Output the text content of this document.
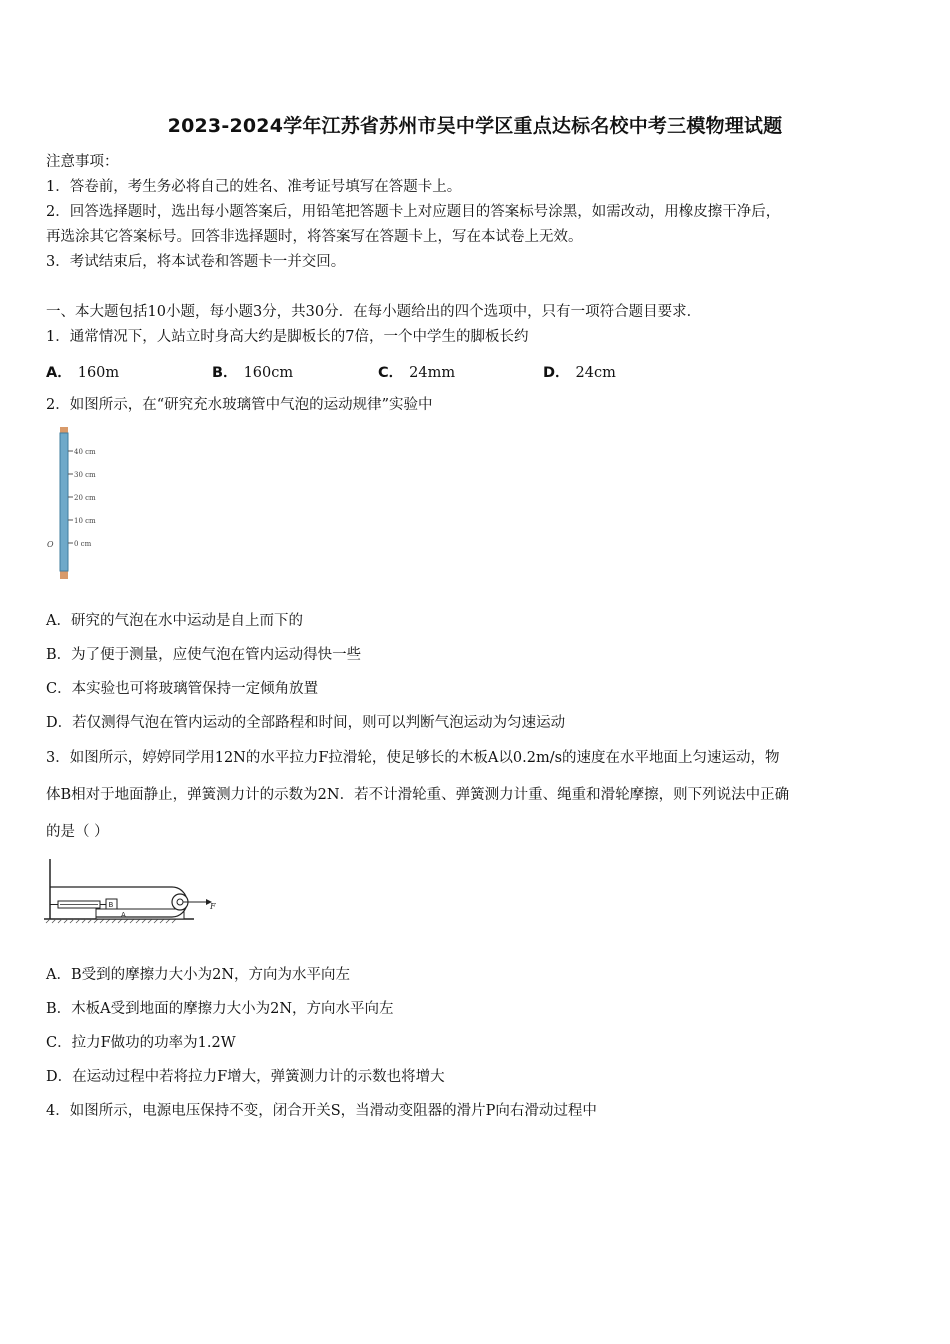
2023-2024学年江苏省苏州市吴中学区重点达标名校中考三模物理试题
注意事项：
1．答卷前，考生务必将自己的姓名、准考证号填写在答题卡上。
2．回答选择题时，选出每小题答案后，用铅笔把答题卡上对应题目的答案标号涂黑，如需改动，用橡皮擦干净后，
再选涂其它答案标号。回答非选择题时，将答案写在答题卡上，写在本试卷上无效。
3．考试结束后，将本试卷和答题卡一并交回。
一、本大题包括10小题，每小题3分，共30分．在每小题给出的四个选项中，只有一项符合题目要求．
1．通常情况下，人站立时身高大约是脚板长的7倍，一个中学生的脚板长约
A． 160m	B． 160cm	C． 24mm	D． 24cm
2．如图所示，在“研究充水玻璃管中气泡的运动规律”实验中
40 cm
30 cm
20 cm
10 cm
0 cm
O
A．研究的气泡在水中运动是自上而下的
B．为了便于测量，应使气泡在管内运动得快一些
C．本实验也可将玻璃管保持一定倾角放置
D．若仅测得气泡在管内运动的全部路程和时间，则可以判断气泡运动为匀速运动
3．如图所示，婷婷同学用12N的水平拉力F拉滑轮，使足够长的木板A以0.2m/s的速度在水平地面上匀速运动，物
体B相对于地面静止，弹簧测力计的示数为2N．若不计滑轮重、弹簧测力计重、绳重和滑轮摩擦，则下列说法中正确
的是（ ）
A
B	F
A．B受到的摩擦力大小为2N，方向为水平向左
B．木板A受到地面的摩擦力大小为2N，方向水平向左
C．拉力F做功的功率为1.2W
D．在运动过程中若将拉力F增大，弹簧测力计的示数也将增大
4．如图所示，电源电压保持不变，闭合开关S，当滑动变阻器的滑片P向右滑动过程中
